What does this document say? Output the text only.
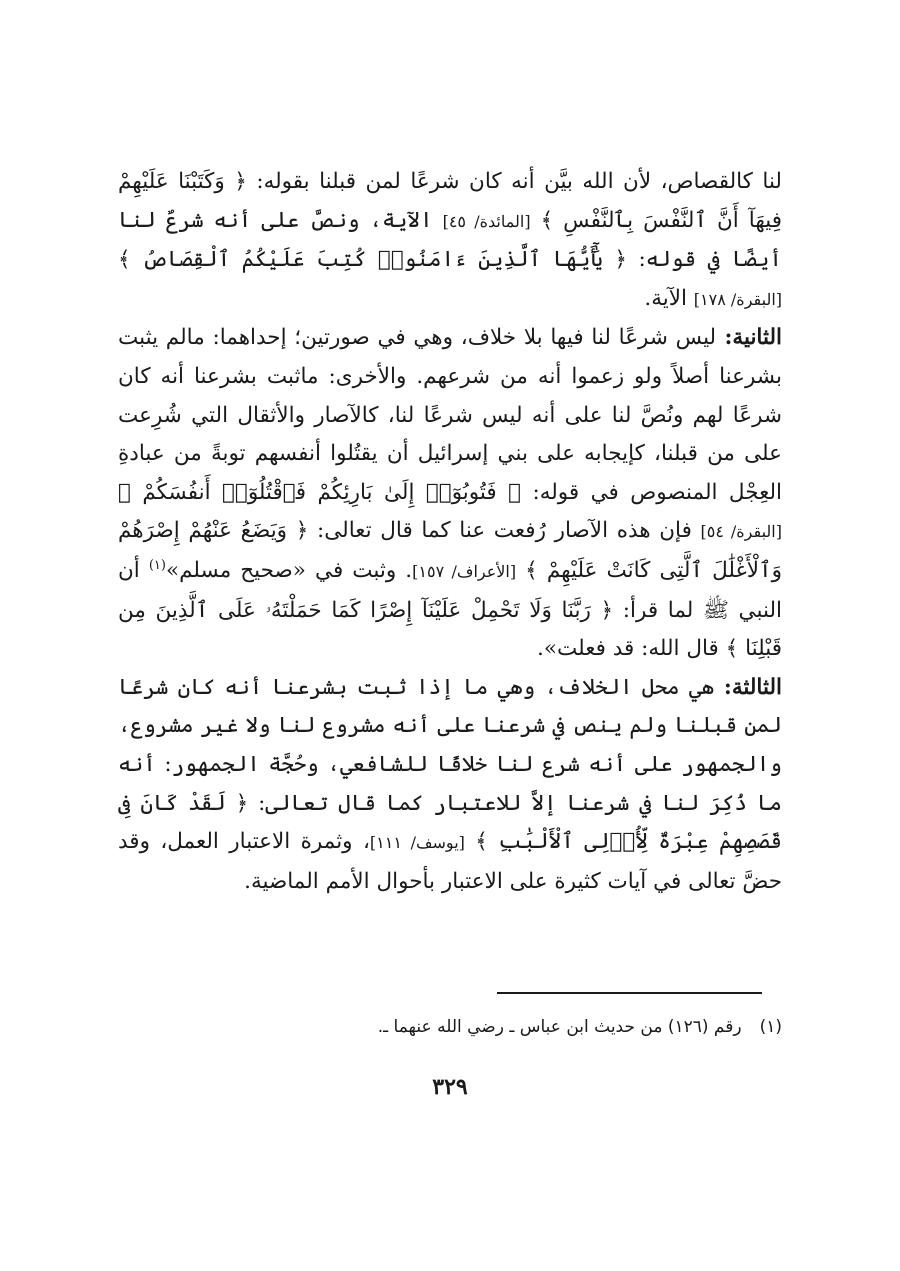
لنا كالقصاص، لأن الله بيَّن أنه كان شرعًا لمن قبلنا بقوله: ﴿ وَكَتَبْنَا عَلَيْهِمْ فِيهَآ أَنَّ ٱلنَّفْسَ بِٱلنَّفْسِ ﴾ [المائدة/ ٤٥] الآية، ونصَّ على أنه شرعٌ لنا أيضًا في قوله: ﴿ يَٰٓأَيُّهَا ٱلَّذِينَ ءَامَنُوا۟ كُتِبَ عَلَيْكُمُ ٱلْقِصَاصُ ﴾ [البقرة/ ١٧٨] الآية.

الثانية: ليس شرعًا لنا فيها بلا خلاف، وهي في صورتين؛ إحداهما: مالم يثبت بشرعنا أصلاً ولو زعموا أنه من شرعهم. والأخرى: ماثبت بشرعنا أنه كان شرعًا لهم ونُصَّ لنا على أنه ليس شرعًا لنا، كالآصار والأثقال التي شُرِعت على من قبلنا، كإيجابه على بني إسرائيل أن يقتُلوا أنفسهم توبةً من عبادةِ العِجْل المنصوص في قوله: ﴿ فَتُوبُوٓا۟ إِلَىٰ بَارِئِكُمْ فَٱقْتُلُوٓا۟ أَنفُسَكُمْ ﴾ [البقرة/ ٥٤] فإن هذه الآصار رُفعت عنا كما قال تعالى: ﴿ وَيَضَعُ عَنْهُمْ إِصْرَهُمْ وَٱلْأَغْلَٰلَ ٱلَّتِى كَانَتْ عَلَيْهِمْ ﴾ [الأعراف/ ١٥٧]. وثبت في «صحيح مسلم»$^{(١)}$ أن النبي ﷺ لما قرأ: ﴿ رَبَّنَا وَلَا تَحْمِلْ عَلَيْنَآ إِصْرًا كَمَا حَمَلْتَهُۥ عَلَى ٱلَّذِينَ مِن قَبْلِنَا ﴾ قال الله: قد فعلت».

الثالثة: هي محل الخلاف، وهي ما إذا ثبت بشرعنا أنه كان شرعًا لمن قبلنا ولم ينص في شرعنا على أنه مشروع لنا ولا غير مشروع، والجمهور على أنه شرع لنا خلافًا للشافعي، وحُجَّة الجمهور: أنه ما ذُكِرَ لنا في شرعنا إلاَّ للاعتبار كما قال تعالى: ﴿ لَقَدْ كَانَ فِى قَصَصِهِمْ عِبْرَةٌ لِّأُو۟لِى ٱلْأَلْبَٰبِ ﴾ [يوسف/ ١١١]، وثمرة الاعتبار العمل، وقد حضَّ تعالى في آيات كثيرة على الاعتبار بأحوال الأمم الماضية.

(١)رقم (١٢٦) من حديث ابن عباس ـ رضي الله عنهما ـ.
٣٢٩
